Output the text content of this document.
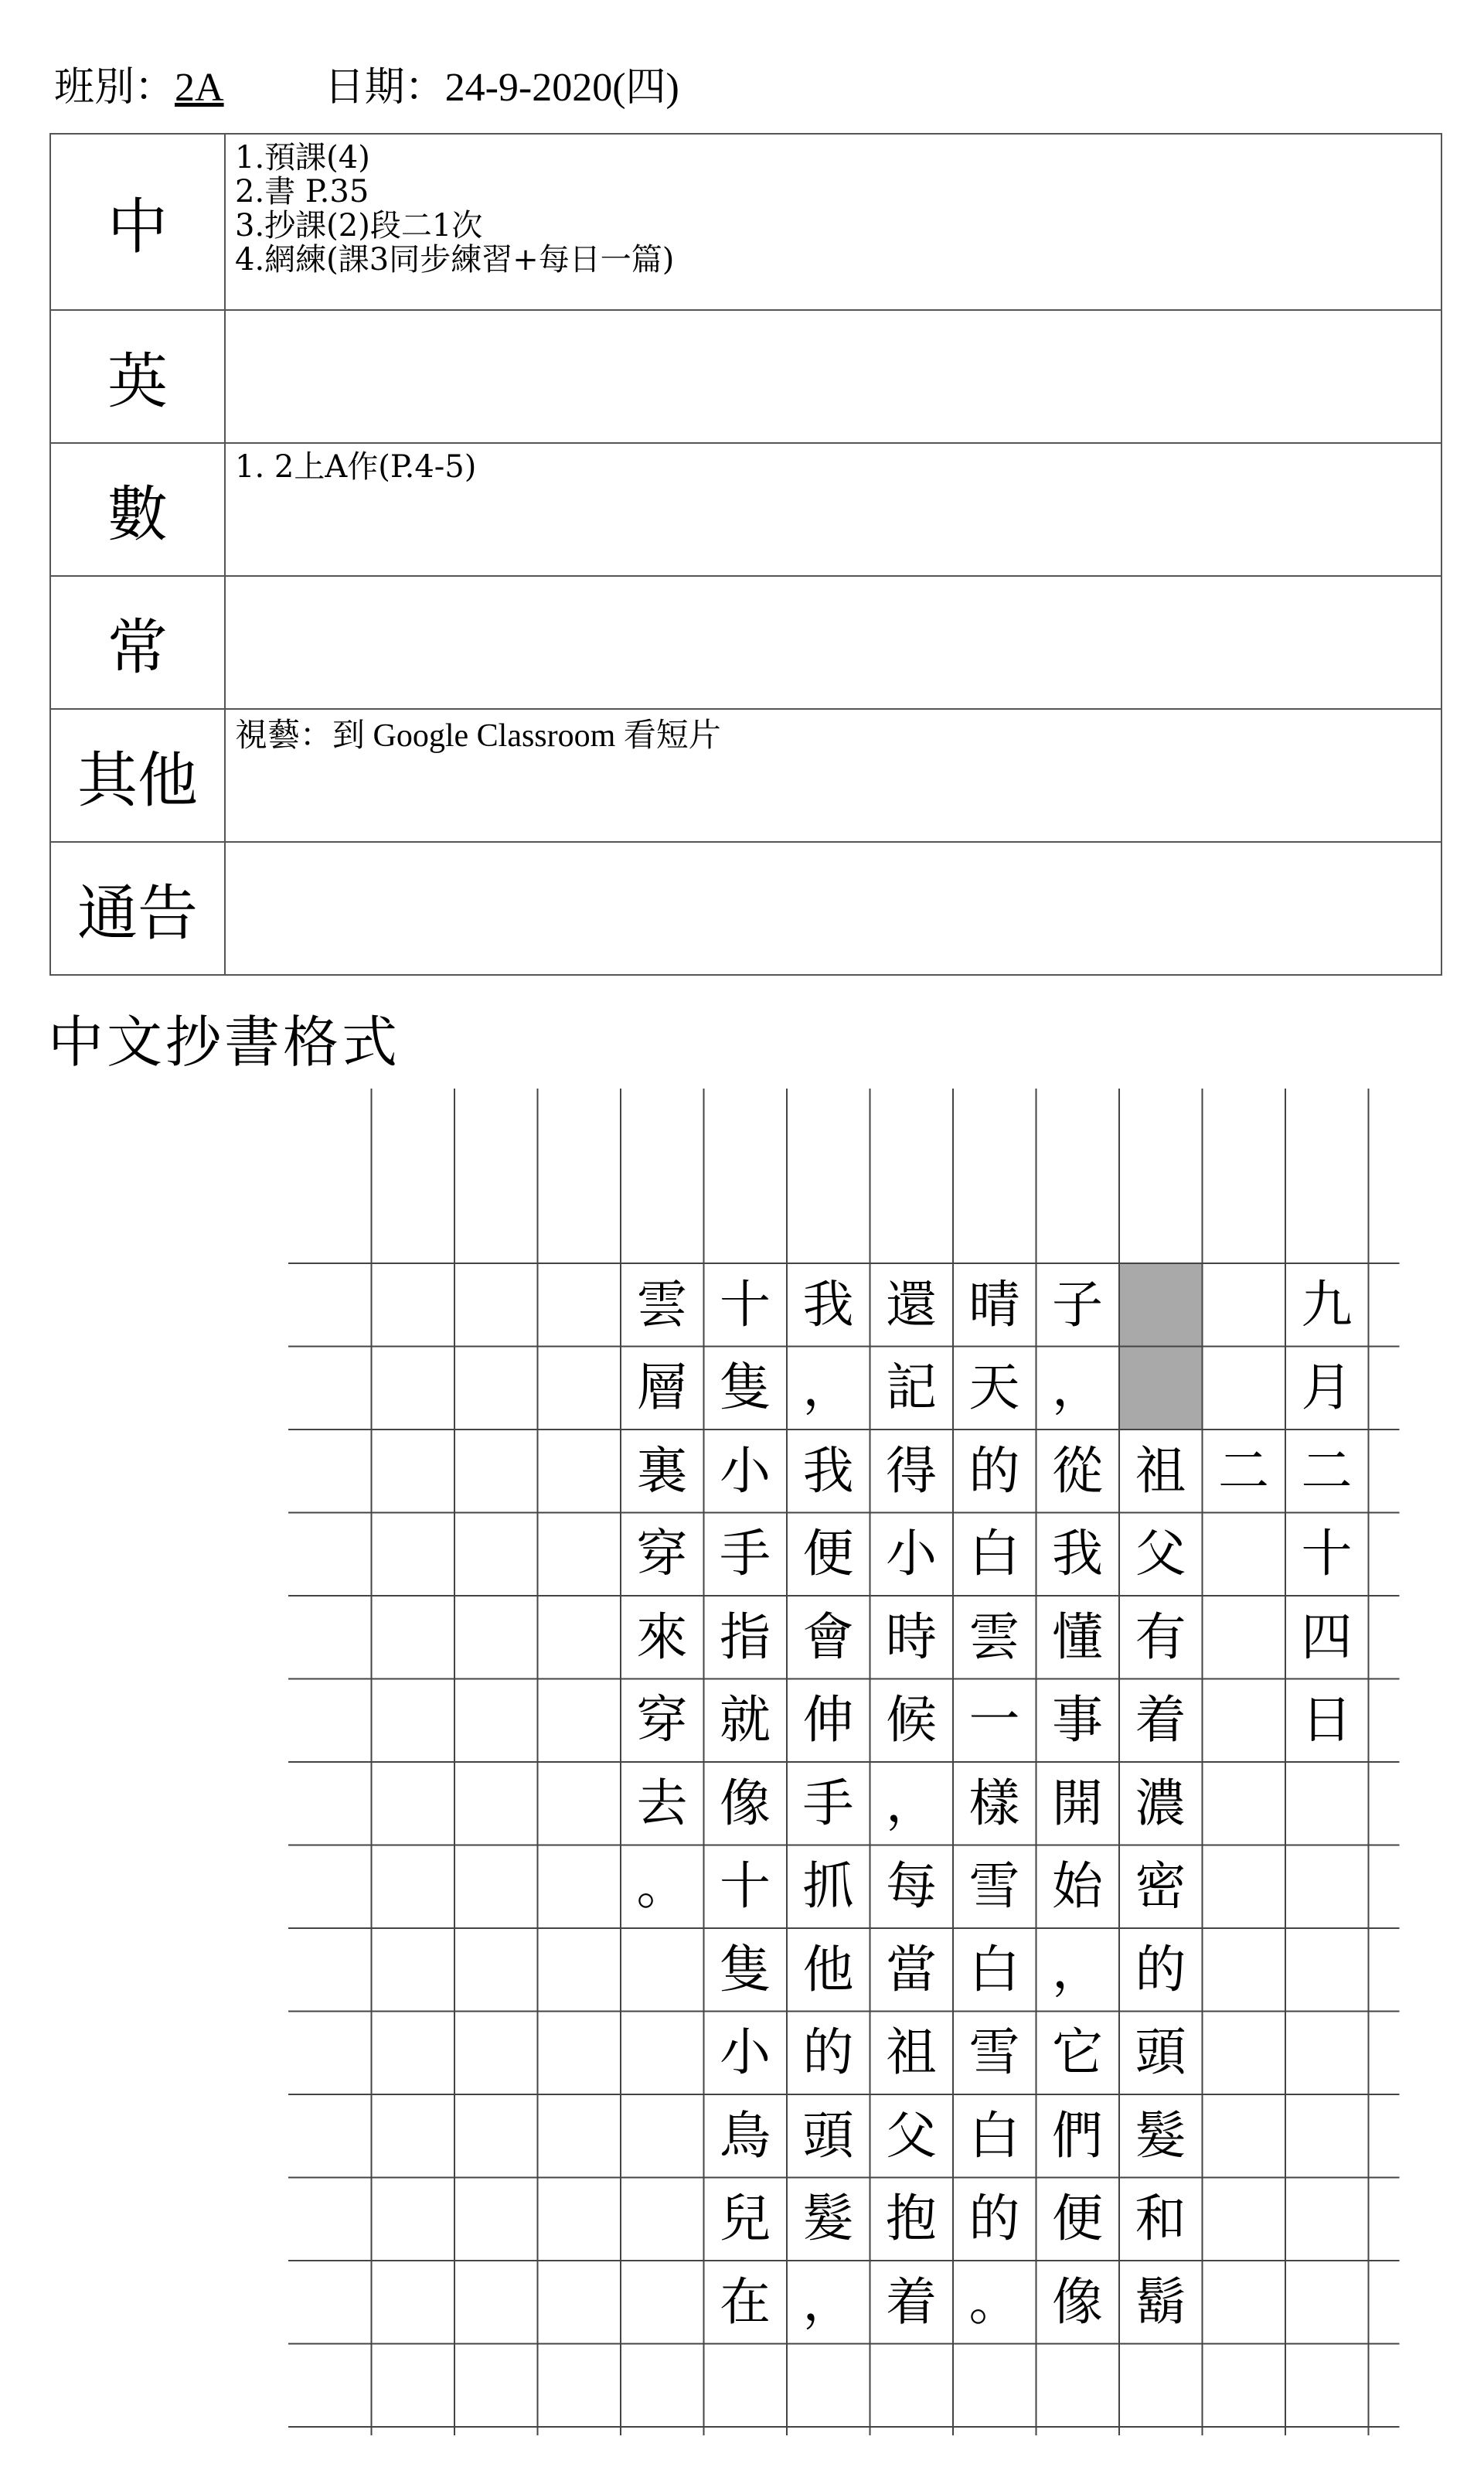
班別：2A	日期：24-9-2020(四)
中	1.預課(4)
2.書 P.35
3.抄課(2)段二1次
4.網練(課3同步練習+每日一篇)

英	
數	1. 2上A作(P.4-5)

常	
其他	視藝：到 Google Classroom 看短片

通告	
中文抄書格式
九
月
二
十
四
日
二
祖
父
有
着
濃
密
的
頭
髮
和
鬍
子
，
從
我
懂
事
開
始
，
它
們
便
像
晴
天
的
白
雲
一
樣
雪
白
雪
白
的
。
還
記
得
小
時
候
，
每
當
祖
父
抱
着
我
，
我
便
會
伸
手
抓
他
的
頭
髮
，
十
隻
小
手
指
就
像
十
隻
小
鳥
兒
在
雲
層
裏
穿
來
穿
去
。
